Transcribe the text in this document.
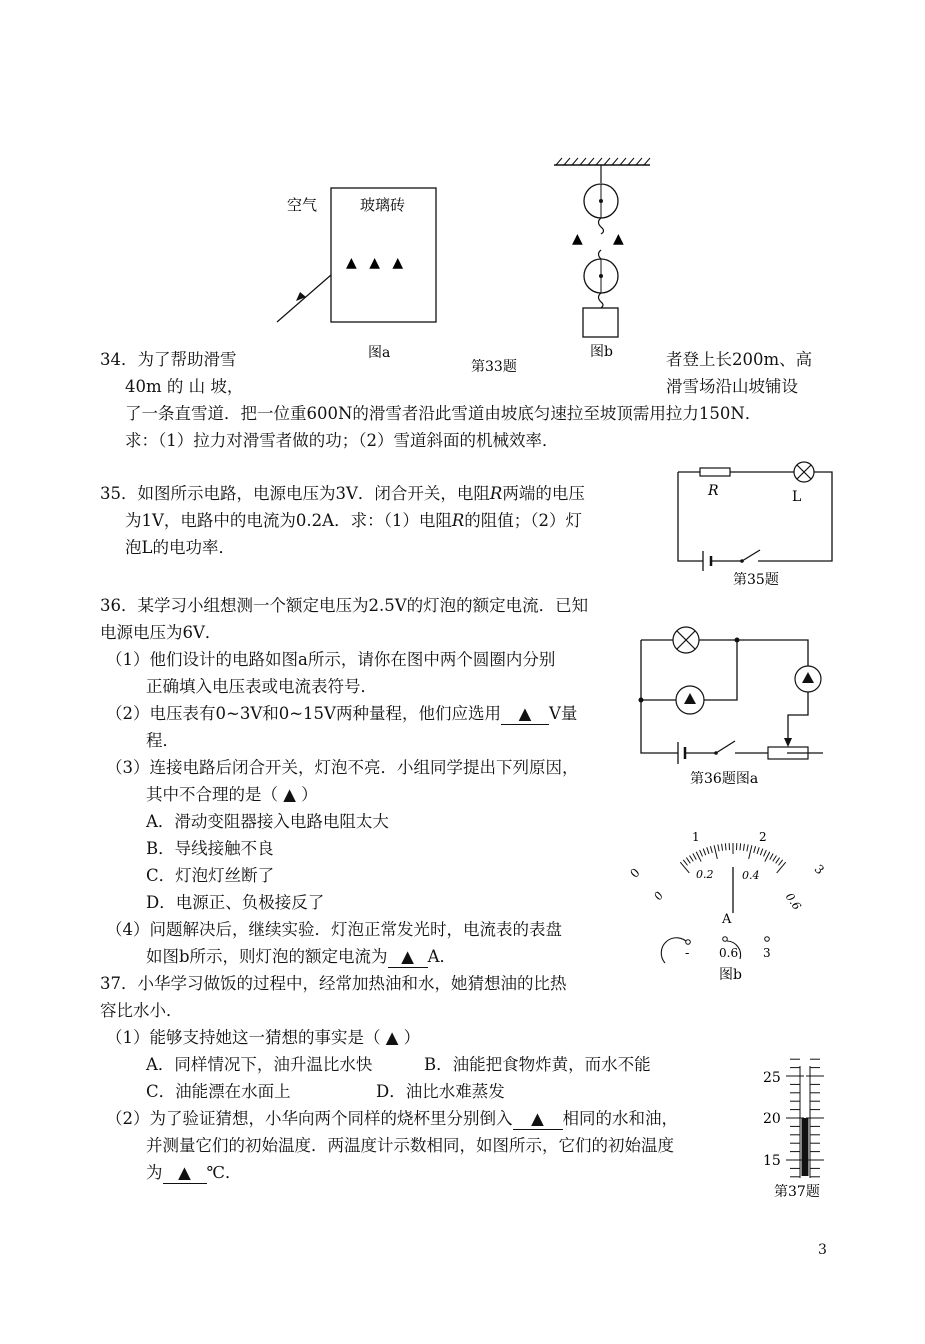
空气	玻璃砖
▲ ▲ ▲
图a
▲ ▲
图b
第33题
34．为了帮助滑雪	者登上长200m、高
40m 的 山 坡，	滑雪场沿山坡铺设
了一条直雪道．把一位重600N的滑雪者沿此雪道由坡底匀速拉至坡顶需用拉力150N．
求：（1）拉力对滑雪者做的功；（2）雪道斜面的机械效率．
35．如图所示电路，电源电压为3V．闭合开关，电阻R两端的电压
为1V，电路中的电流为0.2A．求：（1）电阻R的阻值；（2）灯
泡L的电功率．
R	L
第35题
36．某学习小组想测一个额定电压为2.5V的灯泡的额定电流．已知
电源电压为6V．
（1）他们设计的电路如图a所示，请你在图中两个圆圈内分别
正确填入电压表或电流表符号．
（2）电压表有0~3V和0~15V两种量程，他们应选用 ▲ V量
程．
（3）连接电路后闭合开关，灯泡不亮．小组同学提出下列原因，
其中不合理的是（ ▲ ）
A．滑动变阻器接入电路电阻太大
B．导线接触不良
C．灯泡灯丝断了
D．电源正、负极接反了
（4）问题解决后，继续实验．灯泡正常发光时，电流表的表盘
如图b所示，则灯泡的额定电流为 ▲ A．
第36题图a
0
1	2
3
0
0.2	0.4
0.6
A
- 0.6 3
图b
37．小华学习做饭的过程中，经常加热油和水，她猜想油的比热
容比水小．
（1）能够支持她这一猜想的事实是（ ▲ ）
A．同样情况下，油升温比水快	B．油能把食物炸黄，而水不能
C．油能漂在水面上	D．油比水难蒸发
（2）为了验证猜想，小华向两个同样的烧杯里分别倒入 ▲ 相同的水和油，
并测量它们的初始温度．两温度计示数相同，如图所示，它们的初始温度
为 ▲ ℃．
25
20
15
第37题
3
